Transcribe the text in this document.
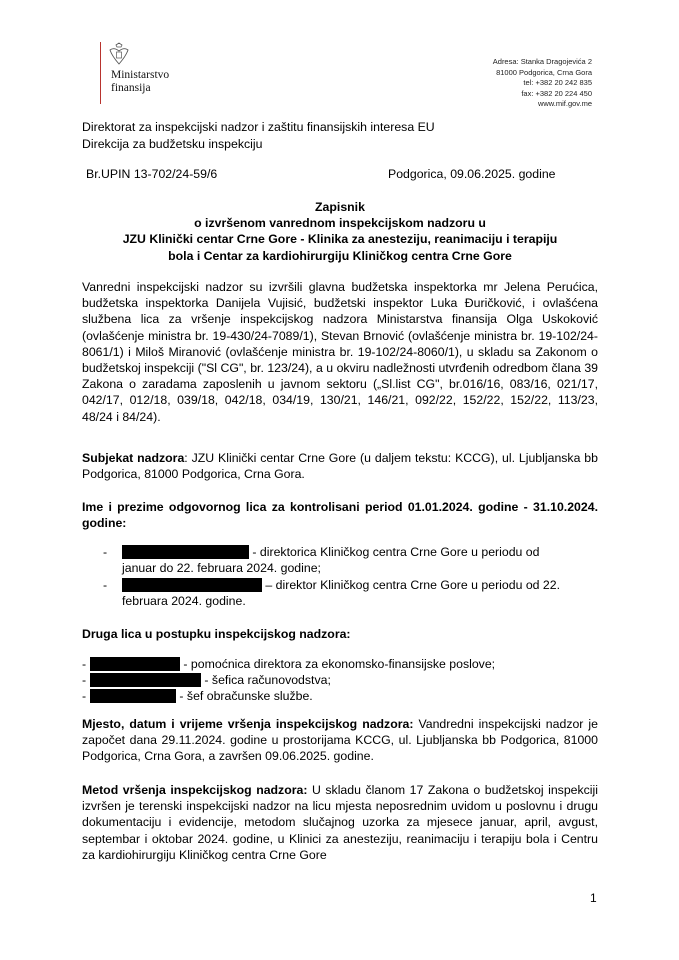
Ministarstvo
finansija
Adresa: Stanka Dragojevića 2
81000 Podgorica, Crna Gora
tel: +382 20 242 835
fax: +382 20 224 450
www.mif.gov.me
Direktorat za inspekcijski nadzor i zaštitu finansijskih interesa EU
Direkcija za budžetsku inspekciju
Br.UPIN 13-702/24-59/6	Podgorica, 09.06.2025. godine
Zapisnik
o izvršenom vanrednom inspekcijskom nadzoru u
JZU Klinički centar Crne Gore - Klinika za anesteziju, reanimaciju i terapiju
bola i Centar za kardiohirurgiju Kliničkog centra Crne Gore
Vanredni inspekcijski nadzor su izvršili glavna budžetska inspektorka mr Jelena Perućica, budžetska inspektorka Danijela Vujisić, budžetski inspektor Luka Đuričković, i ovlašćena službena lica za vršenje inspekcijskog nadzora Ministarstva finansija Olga Uskoković (ovlašćenje ministra br. 19-430/24-7089/1), Stevan Brnović (ovlašćenje ministra br. 19-102/24-8061/1) i Miloš Miranović (ovlašćenje ministra br. 19-102/24-8060/1), u skladu sa Zakonom o budžetskoj inspekciji ("Sl CG", br. 123/24), a u okviru nadležnosti utvrđenih odredbom člana 39 Zakona o zaradama zaposlenih u javnom sektoru („Sl.list CG", br.016/16, 083/16, 021/17, 042/17, 012/18, 039/18, 042/18, 034/19, 130/21, 146/21, 092/22, 152/22, 152/22, 113/23, 48/24 i 84/24).
Subjekat nadzora: JZU Klinički centar Crne Gore (u daljem tekstu: KCCG), ul. Ljubljanska bb Podgorica, 81000 Podgorica, Crna Gora.
Ime i prezime odgovornog lica za kontrolisani period 01.01.2024. godine - 31.10.2024. godine:
-	- direktorica Kliničkog centra Crne Gore u periodu od
januar do 22. februara 2024. godine;
-	– direktor Kliničkog centra Crne Gore u periodu od 22.
februara 2024. godine.
Druga lica u postupku inspekcijskog nadzora:
-	- pomoćnica direktora za ekonomsko-finansijske poslove;
-	- šefica računovodstva;
-	- šef obračunske službe.
Mjesto, datum i vrijeme vršenja inspekcijskog nadzora: Vandredni inspekcijski nadzor je započet dana 29.11.2024. godine u prostorijama KCCG, ul. Ljubljanska bb Podgorica, 81000 Podgorica, Crna Gora, a završen 09.06.2025. godine.
Metod vršenja inspekcijskog nadzora: U skladu članom 17 Zakona o budžetskoj inspekciji izvršen je terenski inspekcijski nadzor na licu mjesta neposrednim uvidom u poslovnu i drugu dokumentaciju i evidencije, metodom slučajnog uzorka za mjesece januar, april, avgust, septembar i oktobar 2024. godine, u Klinici za anesteziju, reanimaciju i terapiju bola i Centru za kardiohirurgiju Kliničkog centra Crne Gore
1
